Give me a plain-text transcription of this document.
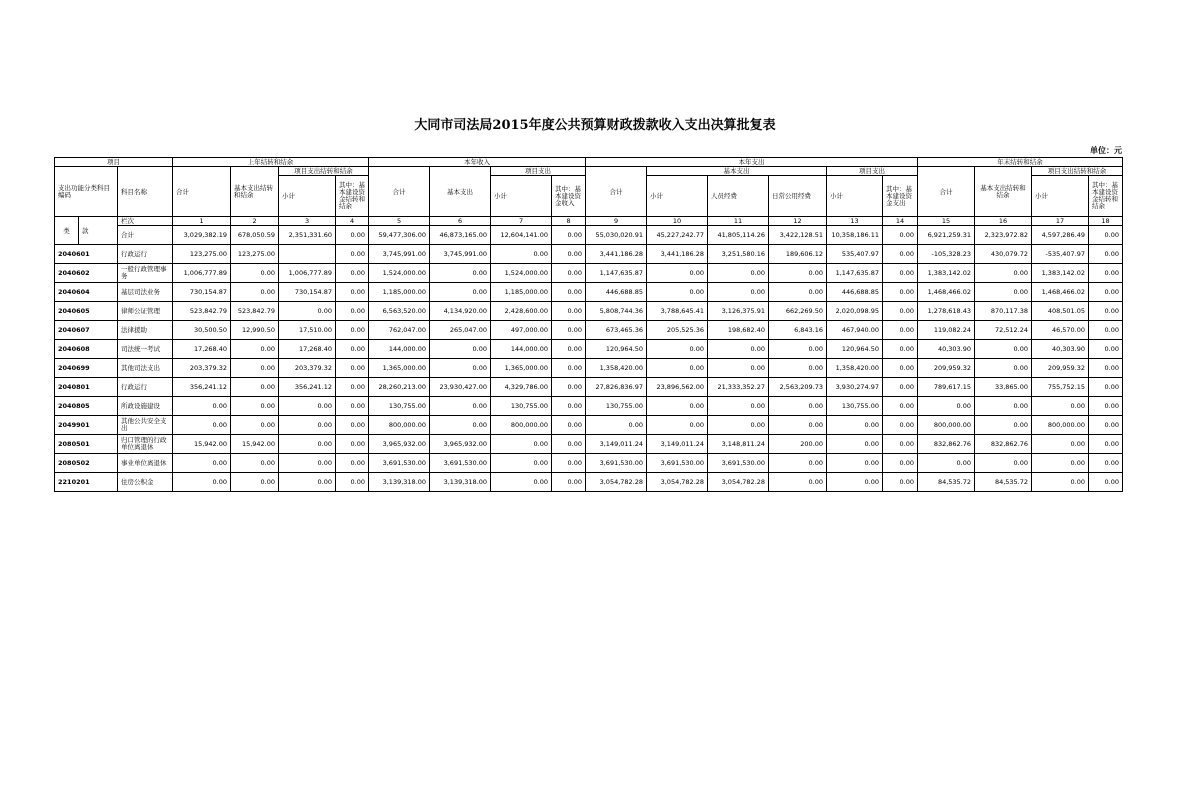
大同市司法局2015年度公共预算财政拨款收入支出决算批复表
单位：元
项目			上年结转和结余				本年收入				本年支出						年末结转和结余			
支出功能分类科目编码		科目名称	合计	基本支出结转和结余	项目支出结转和结余		合计	基本支出	项目支出		合计	基本支出			项目支出		合计	基本支出结转和结余	项目支出结转和结余	
					小计	其中：基本建设资金结转和结余			小计	其中：基本建设资金收入		小计	人员经费	日常公用经费	小计	其中：基本建设资金支出			小计	其中：基本建设资金结转和结余
类	款	栏次	1	2	3	4	5	6	7	8	9	10	11	12	13	14	15	16	17	18
		合计	3,029,382.19	678,050.59	2,351,331.60	0.00	59,477,306.00	46,873,165.00	12,604,141.00	0.00	55,030,020.91	45,227,242.77	41,805,114.26	3,422,128.51	10,358,186.11	0.00	6,921,259.31	2,323,972.82	4,597,286.49	0.00
2040601		行政运行	123,275.00	123,275.00		0.00	3,745,991.00	3,745,991.00	0.00	0.00	3,441,186.28	3,441,186.28	3,251,580.16	189,606.12	535,407.97	0.00	-105,328.23	430,079.72	-535,407.97	0.00
2040602		一般行政管理事务	1,006,777.89	0.00	1,006,777.89	0.00	1,524,000.00	0.00	1,524,000.00	0.00	1,147,635.87	0.00	0.00	0.00	1,147,635.87	0.00	1,383,142.02	0.00	1,383,142.02	0.00
2040604		基层司法业务	730,154.87	0.00	730,154.87	0.00	1,185,000.00	0.00	1,185,000.00	0.00	446,688.85	0.00	0.00	0.00	446,688.85	0.00	1,468,466.02	0.00	1,468,466.02	0.00
2040605		律师公证管理	523,842.79	523,842.79	0.00	0.00	6,563,520.00	4,134,920.00	2,428,600.00	0.00	5,808,744.36	3,788,645.41	3,126,375.91	662,269.50	2,020,098.95	0.00	1,278,618.43	870,117.38	408,501.05	0.00
2040607		法律援助	30,500.50	12,990.50	17,510.00	0.00	762,047.00	265,047.00	497,000.00	0.00	673,465.36	205,525.36	198,682.40	6,843.16	467,940.00	0.00	119,082.24	72,512.24	46,570.00	0.00
2040608		司法统一考试	17,268.40	0.00	17,268.40	0.00	144,000.00	0.00	144,000.00	0.00	120,964.50	0.00	0.00	0.00	120,964.50	0.00	40,303.90	0.00	40,303.90	0.00
2040699		其他司法支出	203,379.32	0.00	203,379.32	0.00	1,365,000.00	0.00	1,365,000.00	0.00	1,358,420.00	0.00	0.00	0.00	1,358,420.00	0.00	209,959.32	0.00	209,959.32	0.00
2040801		行政运行	356,241.12	0.00	356,241.12	0.00	28,260,213.00	23,930,427.00	4,329,786.00	0.00	27,826,836.97	23,896,562.00	21,333,352.27	2,563,209.73	3,930,274.97	0.00	789,617.15	33,865.00	755,752.15	0.00
2040805		所政设施建设	0.00	0.00	0.00	0.00	130,755.00	0.00	130,755.00	0.00	130,755.00	0.00	0.00	0.00	130,755.00	0.00	0.00	0.00	0.00	0.00
2049901		其他公共安全支出	0.00	0.00	0.00	0.00	800,000.00	0.00	800,000.00	0.00	0.00	0.00	0.00	0.00	0.00	0.00	800,000.00	0.00	800,000.00	0.00
2080501		归口管理的行政单位离退休	15,942.00	15,942.00	0.00	0.00	3,965,932.00	3,965,932.00	0.00	0.00	3,149,011.24	3,149,011.24	3,148,811.24	200.00	0.00	0.00	832,862.76	832,862.76	0.00	0.00
2080502		事业单位离退休	0.00	0.00	0.00	0.00	3,691,530.00	3,691,530.00	0.00	0.00	3,691,530.00	3,691,530.00	3,691,530.00	0.00	0.00	0.00	0.00	0.00	0.00	0.00
2210201		住房公积金	0.00	0.00	0.00	0.00	3,139,318.00	3,139,318.00	0.00	0.00	3,054,782.28	3,054,782.28	3,054,782.28	0.00	0.00	0.00	84,535.72	84,535.72	0.00	0.00
